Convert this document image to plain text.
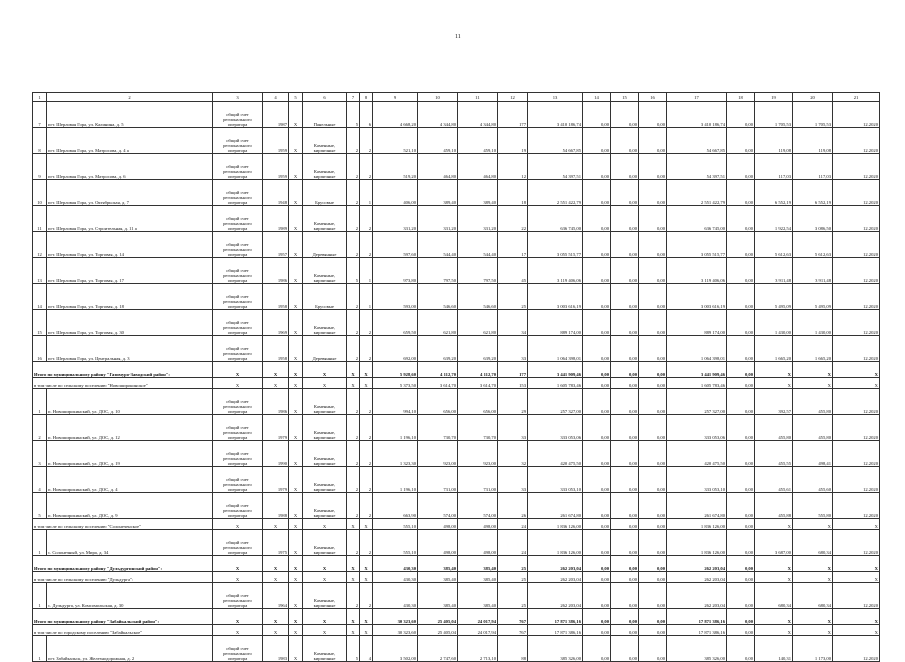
11
1	2	3	4	5	6	7	8	9	10	11	12	13	14	15	16	17	18	19	20	21
7	пгт. Шерловая Гора, ул. Калинина, д. 5	общий счет регионального оператора	1987	X	Панельные	5	6	4 668,20	4 344,80	4 344,80	177	3 410 186,74	0,00	0,00	0,00	3 410 186,74	0,00	1 705,53	1 705,53	12.2020
8	пгт. Шерловая Гора, ул. Матросова, д. 4 а	общий счет регионального оператора	1959	X	Каменные, кирпичные	2	2	521,10	459,10	459,10	19	54 667,85	0,00	0,00	0,00	54 667,85	0,00	119,08	119,08	12.2020
9	пгт. Шерловая Гора, ул. Матросова, д. 6	общий счет регионального оператора	1959	X	Каменные, кирпичные	2	2	519,20	464,80	464,80	12	54 397,51	0,00	0,00	0,00	54 397,51	0,00	117,03	117,03	12.2020
10	пгт. Шерловая Гора, ул. Октябрьская, д. 7	общий счет регионального оператора	1948	X	Брусовые	2	1	406,00	389,40	389,40	18	2 551 422,79	0,00	0,00	0,00	2 551 422,79	0,00	6 552,19	6 552,19	12.2020
11	пгт. Шерловая Гора, ул. Строительная, д. 11 а	общий счет регионального оператора	1989	X	Каменные, кирпичные	2	2	331,20	331,20	331,20	22	636 745,00	0,00	0,00	0,00	636 745,00	0,00	1 922,54	3 086,50	12.2020
12	пгт. Шерловая Гора, ул. Торговая, д. 14	общий счет регионального оператора	1957	X	Деревянные	2	2	597,60	544,40	544,40	17	3 055 515,77	0,00	0,00	0,00	3 055 515,77	0,00	5 612,63	5 612,63	12.2020
13	пгт. Шерловая Гора, ул. Торговая, д. 17	общий счет регионального оператора	1986	X	Каменные, кирпичные	5	1	973,80	797,50	797,50	45	3 119 406,06	0,00	0,00	0,00	3 119 406,06	0,00	3 911,48	3 911,48	12.2020
14	пгт. Шерловая Гора, ул. Торговая, д. 18	общий счет регионального оператора	1958	X	Брусовые	2	1	593,00	546,60	546,60	25	3 003 616,19	0,00	0,00	0,00	3 003 616,19	0,00	5 495,09	5 495,09	12.2020
15	пгт. Шерловая Гора, ул. Торговая, д. 30	общий счет регионального оператора	1969	X	Каменные, кирпичные	2	2	659,50	621,80	621,80	34	889 174,00	0,00	0,00	0,00	889 174,00	0,00	1 430,00	1 430,00	12.2020
16	пгт. Шерловая Гора, ул. Центральная, д. 3	общий счет регионального оператора	1958	X	Деревянные	2	2	692,00	639,20	639,20	33	1 064 398,01	0,00	0,00	0,00	1 064 398,01	0,00	1 665,20	1 665,20	12.2020
Итого по муниципальному району "Газимуро-Заводский район":		X	X	X	X	X	X	5 928,60	4 112,70	4 112,70	177	3 441 909,46	0,00	0,00	0,00	3 441 909,46	0,00	X	X	X
в том числе по сельскому поселению "Новоширокинское"		X	X	X	X	X	X	5 373,50	3 614,70	3 614,70	153	1 605 783,46	0,00	0,00	0,00	1 605 783,46	0,00	X	X	X
1	п. Новоширокинский, ул. ДОС, д. 10	общий счет регионального оператора	1986	X	Каменные, кирпичные	2	2	994,10	656,00	656,00	29	257 327,00	0,00	0,00	0,00	257 327,00	0,00	392,57	455,80	12.2020
2	п. Новоширокинский, ул. ДОС, д. 12	общий счет регионального оператора	1979	X	Каменные, кирпичные	2	2	1 196,10	730,70	730,70	33	333 053,06	0,00	0,00	0,00	333 053,06	0,00	455,80	455,80	12.2020
3	п. Новоширокинский, ул. ДОС, д. 19	общий счет регионального оператора	1990	X	Каменные, кирпичные	2	2	1 323,30	923,00	923,00	32	420 475,50	0,00	0,00	0,00	420 475,50	0,00	455,55	498,41	12.2020
4	п. Новоширокинский, ул. ДОС, д. 4	общий счет регионального оператора	1979	X	Каменные, кирпичные	2	2	1 196,10	731,00	731,00	33	333 053,10	0,00	0,00	0,00	333 053,10	0,00	455,61	455,60	12.2020
5	п. Новоширокинский, ул. ДОС, д. 9	общий счет регионального оператора	1988	X	Каменные, кирпичные	2	2	663,90	574,00	574,00	26	261 674,80	0,00	0,00	0,00	261 674,80	0,00	455,88	555,80	12.2020
в том числе по сельскому поселению "Солонеченское"		X	X	X	X	X	X	555,10	498,00	498,00	24	1 836 126,00	0,00	0,00	0,00	1 836 126,00	0,00	X	X	X
1	с. Солонечный, ул. Мира, д. 34	общий счет регионального оператора	1975	X	Каменные, кирпичные	2	2	555,10	498,00	498,00	24	1 836 126,00	0,00	0,00	0,00	1 836 126,00	0,00	3 687,00	680,34	12.2020
Итого по муниципальному району "Дульдургинский район":		X	X	X	X	X	X	430,30	385,40	385,40	25	262 203,04	0,00	0,00	0,00	262 203,04	0,00	X	X	X
в том числе по сельскому поселению "Дульдурга":		X	X	X	X	X	X	430,30	385,40	385,40	25	262 203,04	0,00	0,00	0,00	262 203,04	0,00	X	X	X
1	с. Дульдурга, ул. Комсомольская, д. 30	общий счет регионального оператора	1964	X	Каменные, кирпичные	2	2	430,30	385,40	385,40	25	262 203,04	0,00	0,00	0,00	262 203,04	0,00	680,34	680,34	12.2020
Итого по муниципальному району "Забайкальский район":		X	X	X	X	X	X	30 323,60	25 405,04	24 017,94	767	17 871 386,16	0,00	0,00	0,00	17 871 386,16	0,00	X	X	X
в том числе по городскому поселению "Забайкальское"		X	X	X	X	X	X	30 323,60	25 405,04	24 017,94	767	17 871 386,16	0,00	0,00	0,00	17 871 386,16	0,00	X	X	X
1	пгт. Забайкальск, ул. Железнодорожная, д. 2	общий счет регионального оператора	1983	X	Каменные, кирпичные	5	4	3 502,00	2 747,60	2 713,10	88	385 326,00	0,00	0,00	0,00	385 326,00	0,00	140,31	1 173,00	12.2020
